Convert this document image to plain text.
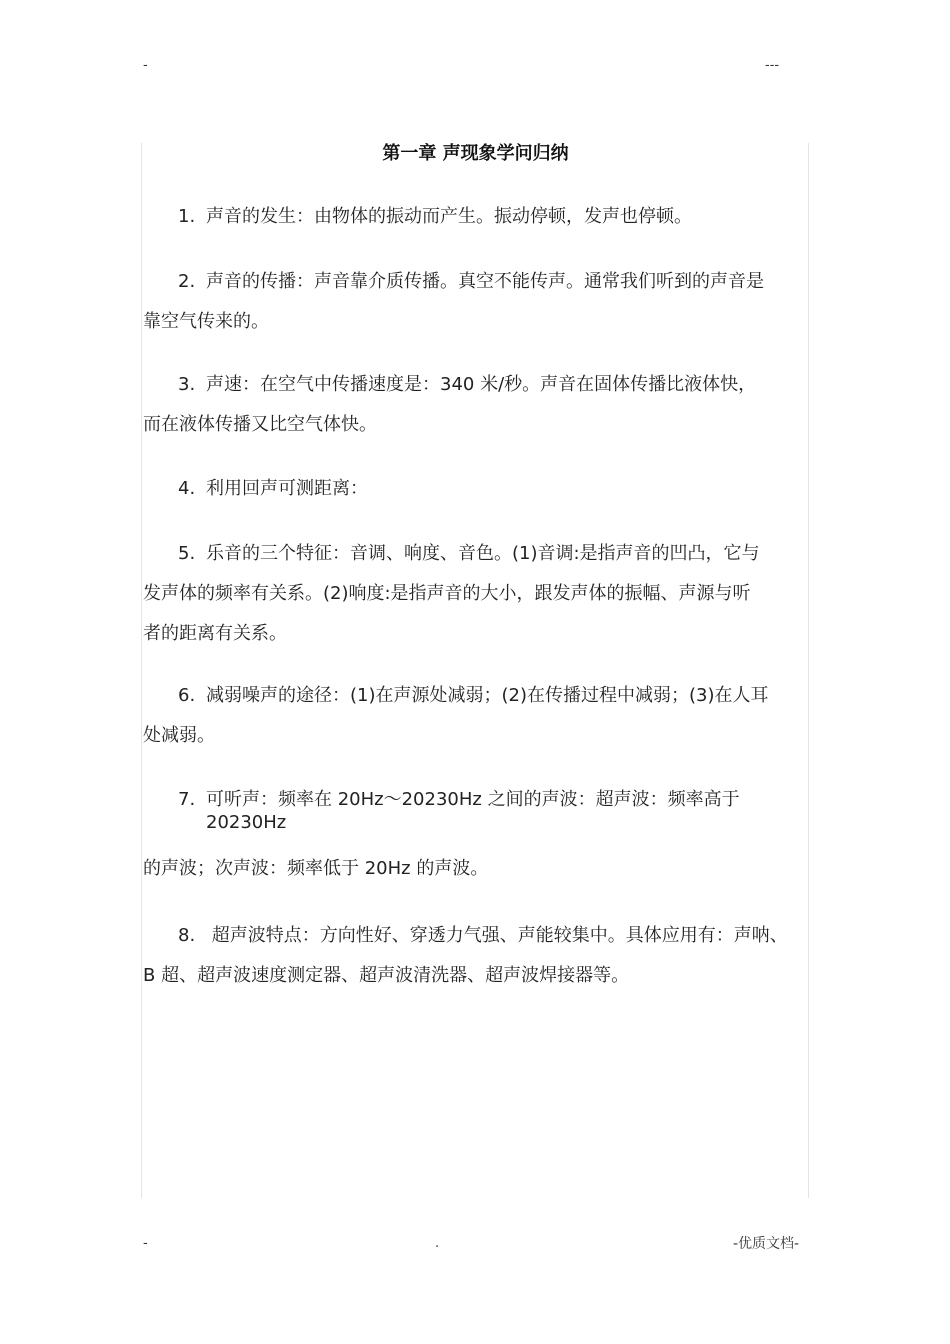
-	---
第一章 声现象学问归纳
1. 声音的发生：由物体的振动而产生。振动停顿，发声也停顿。
2. 声音的传播：声音靠介质传播。真空不能传声。通常我们听到的声音是
靠空气传来的。
3. 声速：在空气中传播速度是：340 米/秒。声音在固体传播比液体快，
而在液体传播又比空气体快。
4. 利用回声可测距离：
5. 乐音的三个特征：音调、响度、音色。(1)音调:是指声音的凹凸，它与
发声体的频率有关系。(2)响度:是指声音的大小，跟发声体的振幅、声源与听
者的距离有关系。
6. 减弱噪声的途径：(1)在声源处减弱；(2)在传播过程中减弱；(3)在人耳
处减弱。
7. 可听声：频率在 20Hz～20230Hz 之间的声波：超声波：频率高于
20230Hz
的声波；次声波：频率低于 20Hz 的声波。
8. 超声波特点：方向性好、穿透力气强、声能较集中。具体应用有：声呐、
B 超、超声波速度测定器、超声波清洗器、超声波焊接器等。
-	.	-优质文档-
